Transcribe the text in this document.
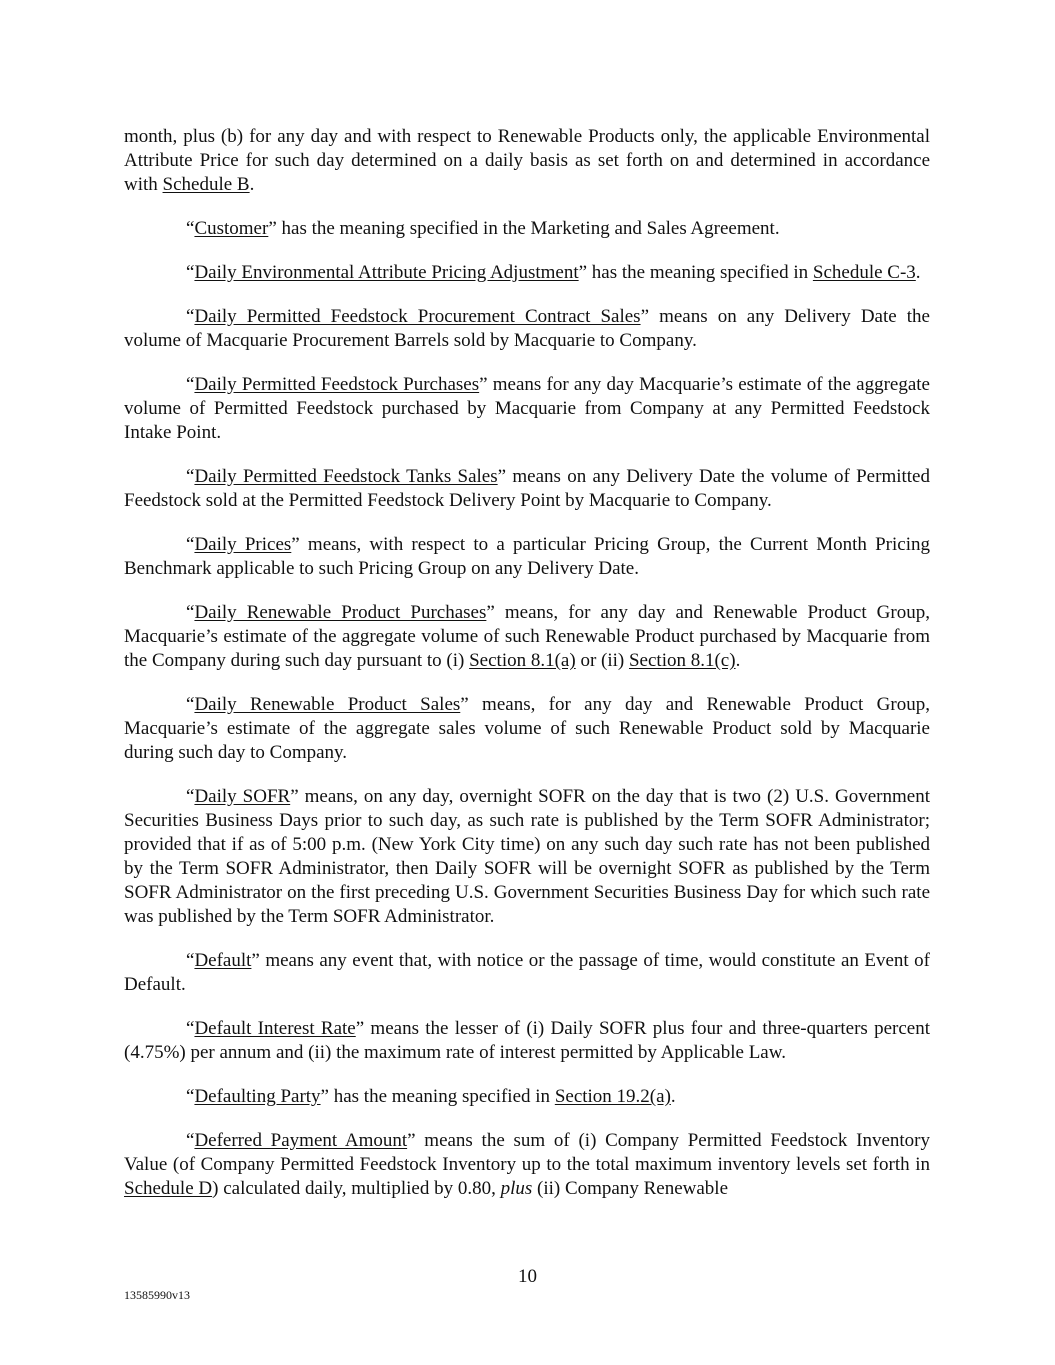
month, plus (b) for any day and with respect to Renewable Products only, the applicable Environmental Attribute Price for such day determined on a daily basis as set forth on and determined in accordance with Schedule B.

“Customer” has the meaning specified in the Marketing and Sales Agreement.

“Daily Environmental Attribute Pricing Adjustment” has the meaning specified in Schedule C-3.

“Daily Permitted Feedstock Procurement Contract Sales” means on any Delivery Date the volume of Macquarie Procurement Barrels sold by Macquarie to Company.

“Daily Permitted Feedstock Purchases” means for any day Macquarie’s estimate of the aggregate volume of Permitted Feedstock purchased by Macquarie from Company at any Permitted Feedstock Intake Point.

“Daily Permitted Feedstock Tanks Sales” means on any Delivery Date the volume of Permitted Feedstock sold at the Permitted Feedstock Delivery Point by Macquarie to Company.

“Daily Prices” means, with respect to a particular Pricing Group, the Current Month Pricing Benchmark applicable to such Pricing Group on any Delivery Date.

“Daily Renewable Product Purchases” means, for any day and Renewable Product Group, Macquarie’s estimate of the aggregate volume of such Renewable Product purchased by Macquarie from the Company during such day pursuant to (i) Section 8.1(a) or (ii) Section 8.1(c).

“Daily Renewable Product Sales” means, for any day and Renewable Product Group, Macquarie’s estimate of the aggregate sales volume of such Renewable Product sold by Macquarie during such day to Company.

“Daily SOFR” means, on any day, overnight SOFR on the day that is two (2) U.S. Government Securities Business Days prior to such day, as such rate is published by the Term SOFR Administrator; provided that if as of 5:00 p.m. (New York City time) on any such day such rate has not been published by the Term SOFR Administrator, then Daily SOFR will be overnight SOFR as published by the Term SOFR Administrator on the first preceding U.S. Government Securities Business Day for which such rate was published by the Term SOFR Administrator.

“Default” means any event that, with notice or the passage of time, would constitute an Event of Default.

“Default Interest Rate” means the lesser of (i) Daily SOFR plus four and three-quarters percent (4.75%) per annum and (ii) the maximum rate of interest permitted by Applicable Law.

“Defaulting Party” has the meaning specified in Section 19.2(a).

“Deferred Payment Amount” means the sum of (i) Company Permitted Feedstock Inventory Value (of Company Permitted Feedstock Inventory up to the total maximum inventory levels set forth in Schedule D) calculated daily, multiplied by 0.80, plus (ii) Company Renewable

10
13585990v13
